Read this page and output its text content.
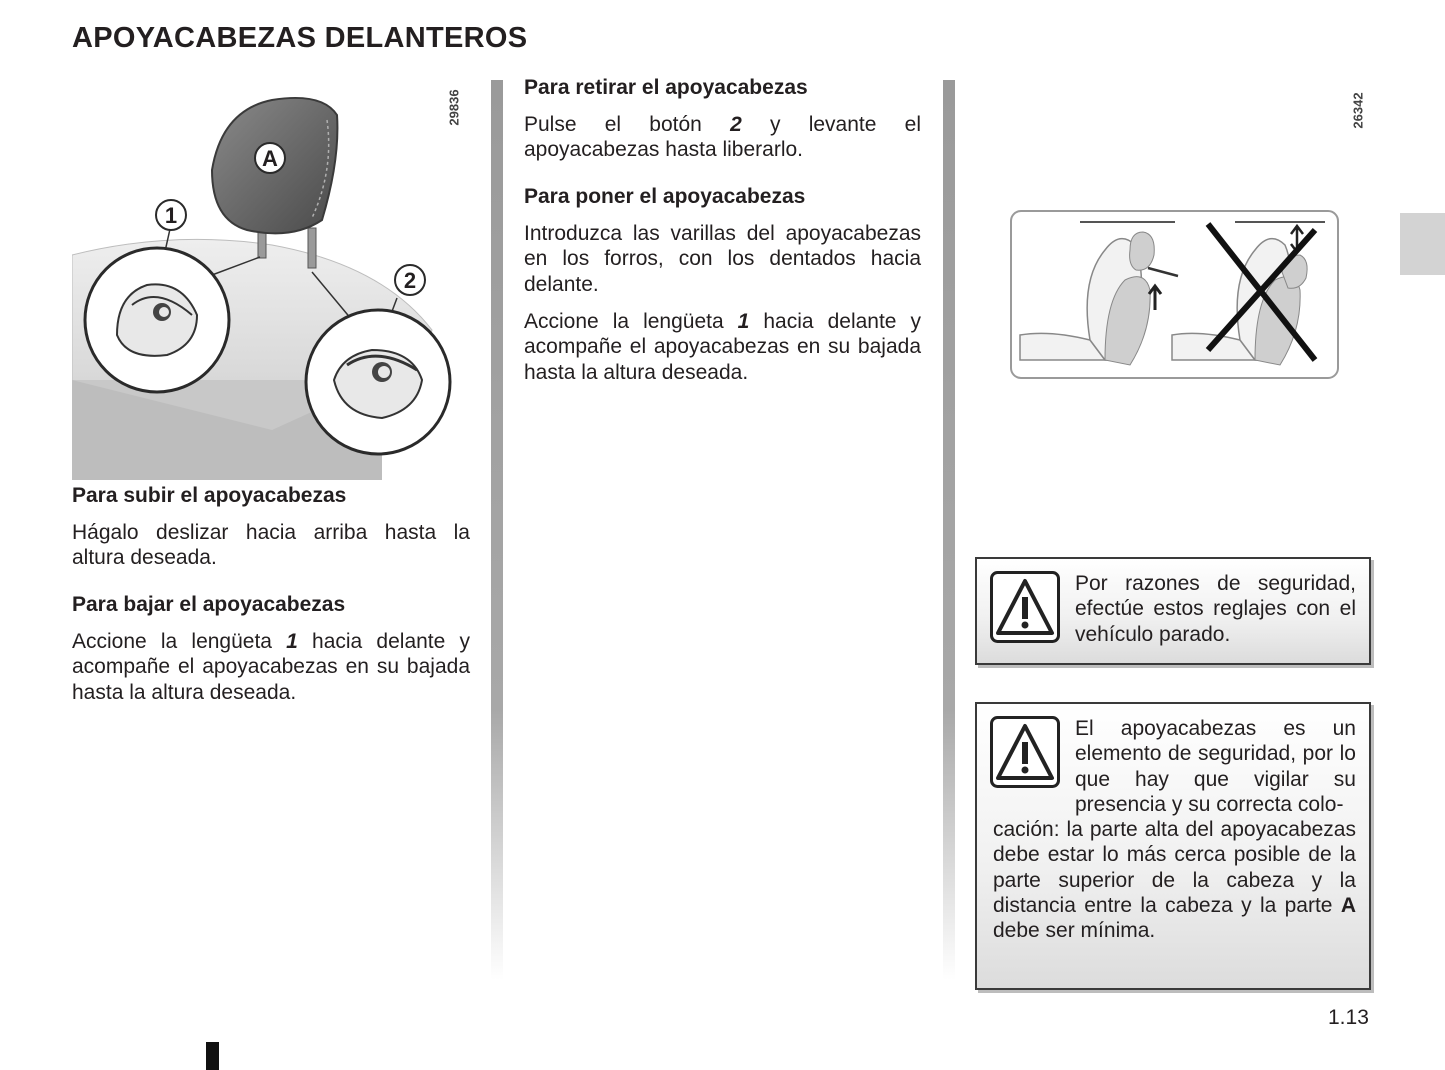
APOYACABEZAS DELANTEROS
A
1
2
29836

Para subir el apoyacabezas

Hágalo deslizar hacia arriba hasta la altura deseada.

Para bajar el apoyacabezas

Accione la lengüeta 1 hacia delante y acompañe el apoyacabezas en su bajada hasta la altura deseada.

Para retirar el apoyacabezas

Pulse el botón 2 y levante el apoyacabezas hasta liberarlo.

Para poner el apoyacabezas

Introduzca las varillas del apoyacabezas en los forros, con los dentados hacia delante.

Accione la lengüeta 1 hacia delante y acompañe el apoyacabezas en su bajada hasta la altura deseada.

26342

Por razones de seguridad, efectúe estos reglajes con el vehículo parado.

El apoyacabezas es un elemento de seguridad, por lo que hay que vigilar su presencia y su correcta colo-

cación: la parte alta del apoyacabezas debe estar lo más cerca posible de la parte superior de la cabeza y la distancia entre la cabeza y la parte A debe ser mínima.

1.13
